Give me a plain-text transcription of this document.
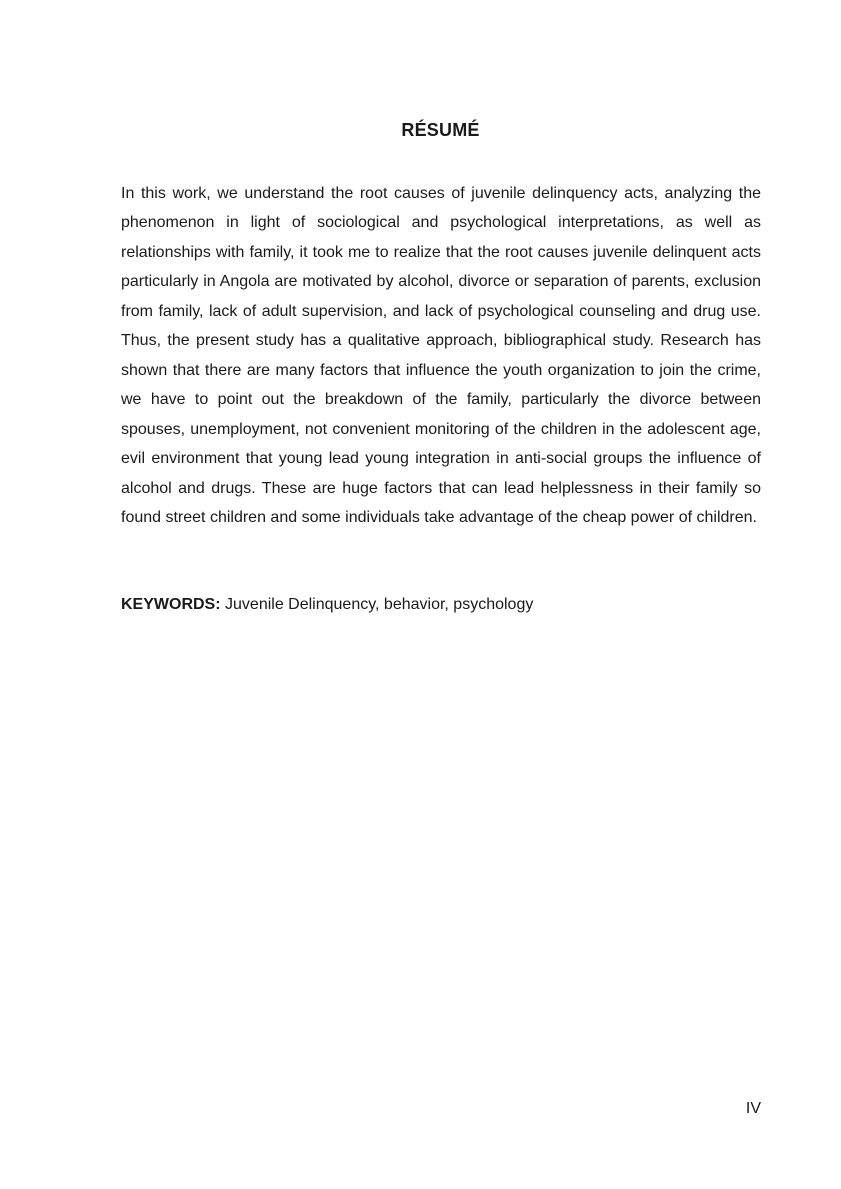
RÉSUMÉ

In this work, we understand the root causes of juvenile delinquency acts, analyzing the phenomenon in light of sociological and psychological interpretations, as well as relationships with family, it took me to realize that the root causes juvenile delinquent acts particularly in Angola are motivated by alcohol, divorce or separation of parents, exclusion from family, lack of adult supervision, and lack of psychological counseling and drug use. Thus, the present study has a qualitative approach, bibliographical study. Research has shown that there are many factors that influence the youth organization to join the crime, we have to point out the breakdown of the family, particularly the divorce between spouses, unemployment, not convenient monitoring of the children in the adolescent age, evil environment that young lead young integration in anti-social groups the influence of alcohol and drugs. These are huge factors that can lead helplessness in their family so found street children and some individuals take advantage of the cheap power of children.

KEYWORDS: Juvenile Delinquency, behavior, psychology

IV
